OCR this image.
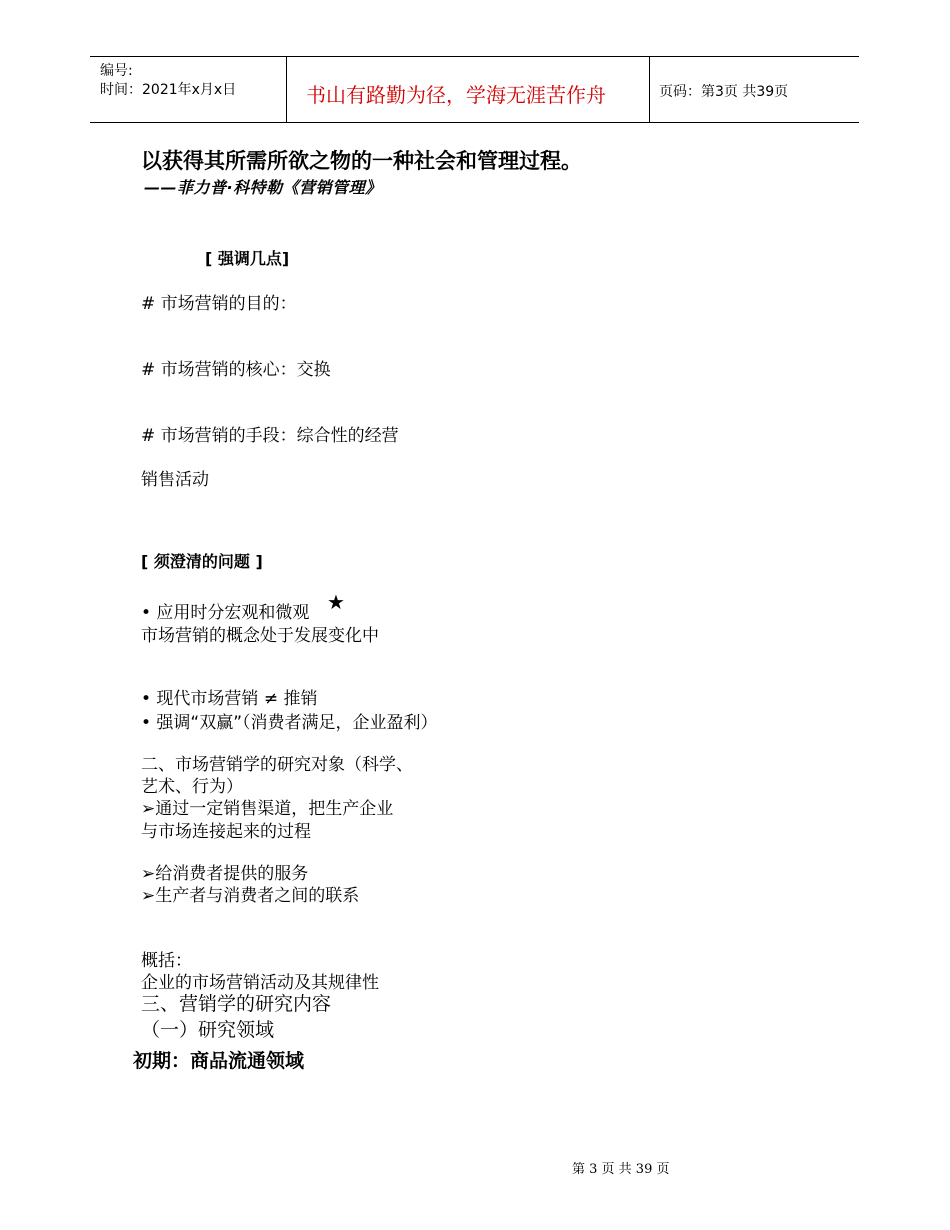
编号:
时间：2021年x月x日	书山有路勤为径，学海无涯苦作舟	页码：第3页 共39页
以获得其所需所欲之物的一种社会和管理过程。
——菲力普·科特勒《营销管理》
[ 强调几点]
# 市场营销的目的：
# 市场营销的核心：交换
# 市场营销的手段：综合性的经营
销售活动
[ 须澄清的问题 ]
• 应用时分宏观和微观 ★
市场营销的概念处于发展变化中
• 现代市场营销 ≠ 推销
• 强调“双赢”（消费者满足，企业盈利）
二、市场营销学的研究对象（科学、
艺术、行为）
➢通过一定销售渠道，把生产企业
与市场连接起来的过程
➢给消费者提供的服务
➢生产者与消费者之间的联系
概括：
企业的市场营销活动及其规律性
三、营销学的研究内容
（一）研究领域
初期：商品流通领域
第 3 页 共 39 页
